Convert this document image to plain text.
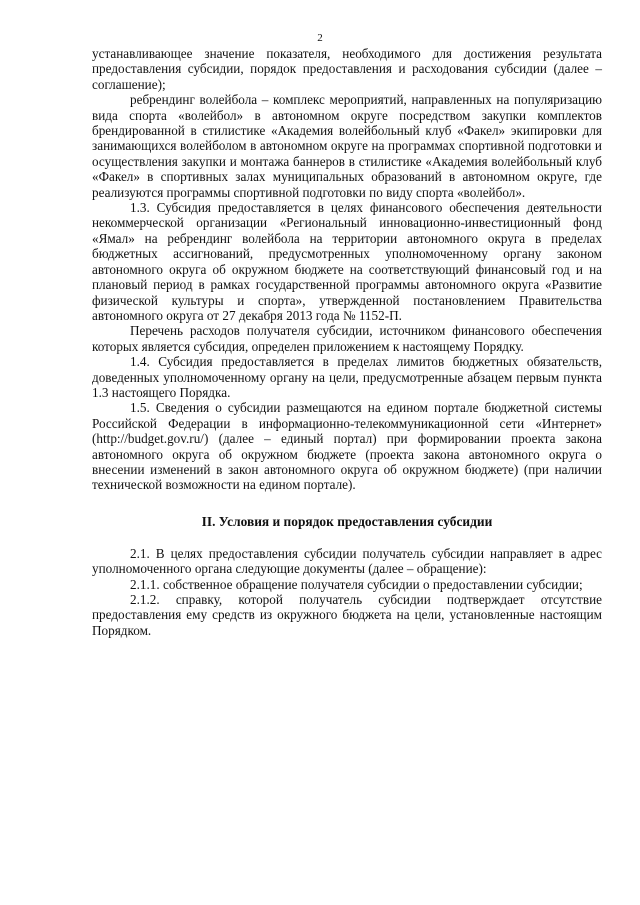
2

устанавливающее значение показателя, необходимого для достижения результата предоставления субсидии, порядок предоставления и расходования субсидии (далее – соглашение);

ребрендинг волейбола – комплекс мероприятий, направленных на популяризацию вида спорта «волейбол» в автономном округе посредством закупки комплектов брендированной в стилистике «Академия волейбольный клуб «Факел» экипировки для занимающихся волейболом в автономном округе на программах спортивной подготовки и осуществления закупки и монтажа баннеров в стилистике «Академия волейбольный клуб «Факел» в спортивных залах муниципальных образований в автономном округе, где реализуются программы спортивной подготовки по виду спорта «волейбол».

1.3. Субсидия предоставляется в целях финансового обеспечения деятельности некоммерческой организации «Региональный инновационно-инвестиционный фонд «Ямал» на ребрендинг волейбола на территории автономного округа в пределах бюджетных ассигнований, предусмотренных уполномоченному органу законом автономного округа об окружном бюджете на соответствующий финансовый год и на плановый период в рамках государственной программы автономного округа «Развитие физической культуры и спорта», утвержденной постановлением Правительства автономного округа от 27 декабря 2013 года № 1152-П.

Перечень расходов получателя субсидии, источником финансового обеспечения которых является субсидия, определен приложением к настоящему Порядку.

1.4. Субсидия предоставляется в пределах лимитов бюджетных обязательств, доведенных уполномоченному органу на цели, предусмотренные абзацем первым пункта 1.3 настоящего Порядка.

1.5. Сведения о субсидии размещаются на едином портале бюджетной системы Российской Федерации в информационно-телекоммуникационной сети «Интернет» (http://budget.gov.ru/) (далее – единый портал) при формировании проекта закона автономного округа об окружном бюджете (проекта закона автономного округа о внесении изменений в закон автономного округа об окружном бюджете) (при наличии технической возможности на едином портале).

II. Условия и порядок предоставления субсидии

2.1. В целях предоставления субсидии получатель субсидии направляет в адрес уполномоченного органа следующие документы (далее – обращение):

2.1.1. собственное обращение получателя субсидии о предоставлении субсидии;

2.1.2. справку, которой получатель субсидии подтверждает отсутствие предоставления ему средств из окружного бюджета на цели, установленные настоящим Порядком.
